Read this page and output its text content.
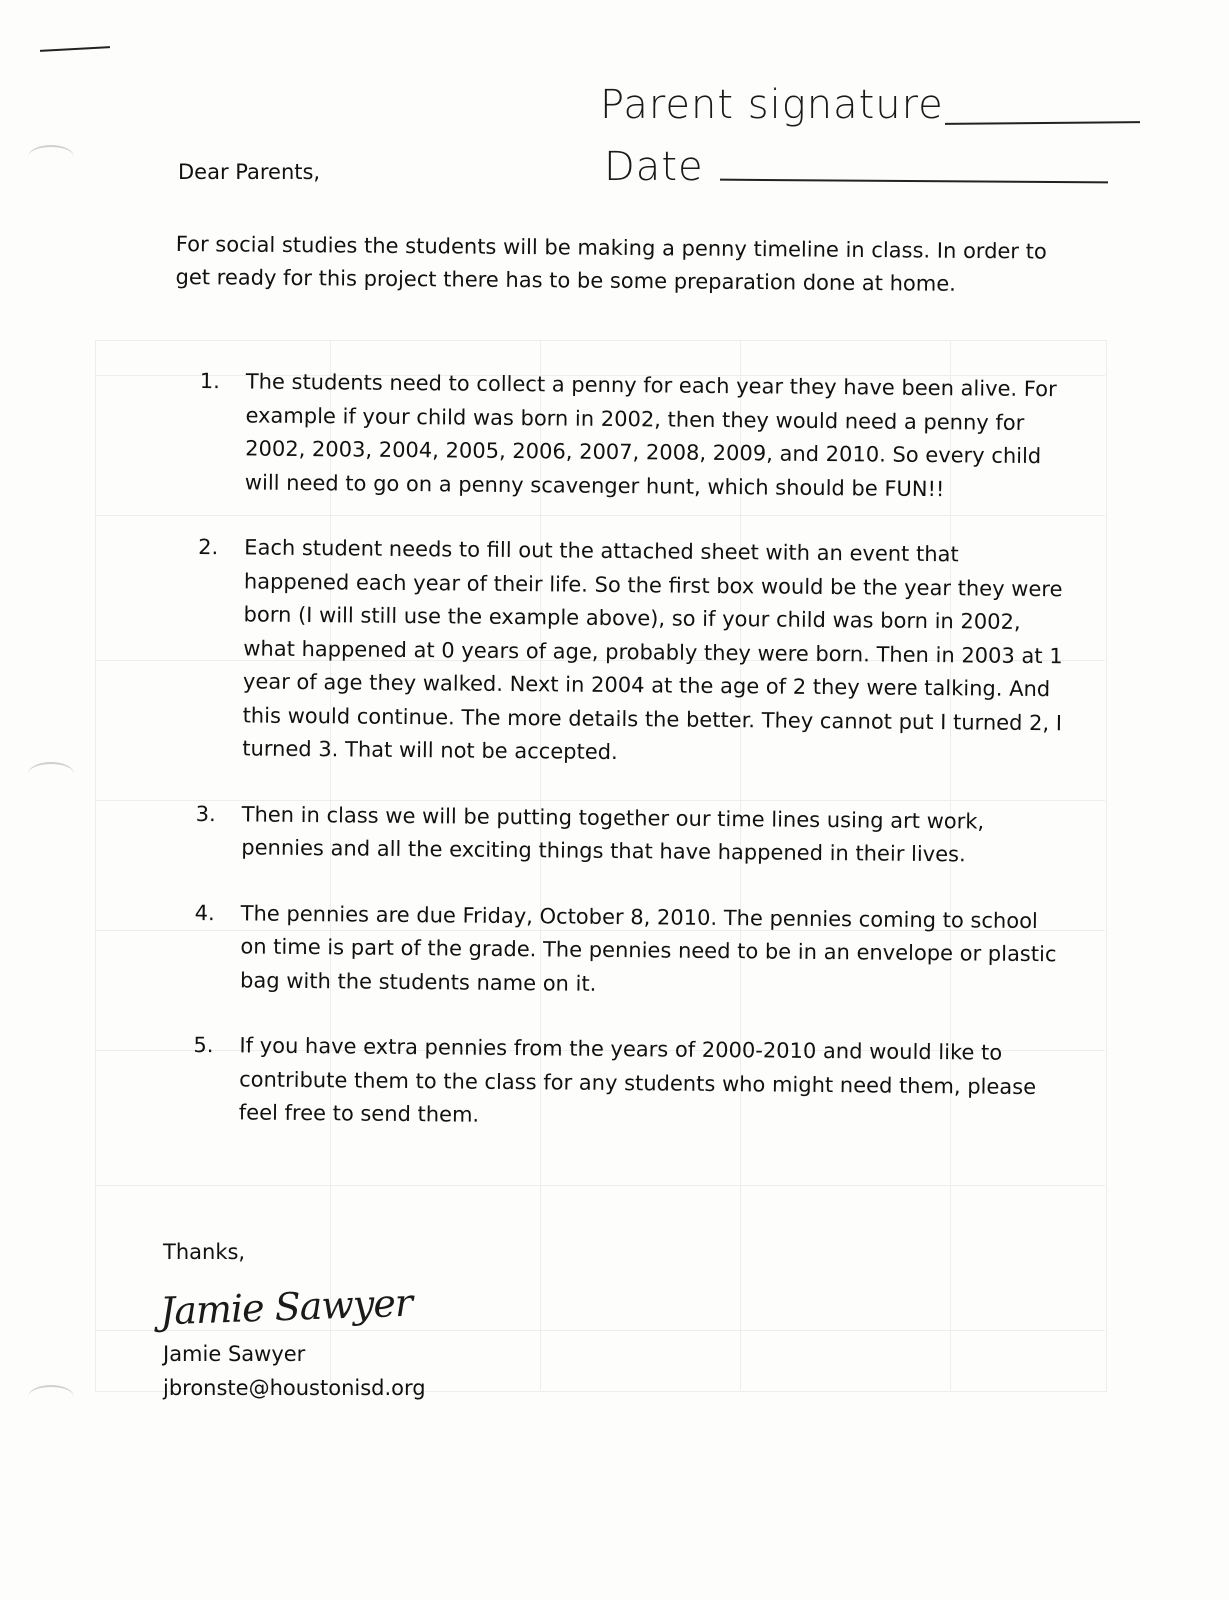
Parent signature
Date
Dear Parents,
For social studies the students will be making a penny timeline in class. In order to get ready for this project there has to be some preparation done at home.
1.	The students need to collect a penny for each year they have been alive. For example if your child was born in 2002, then they would need a penny for 2002, 2003, 2004, 2005, 2006, 2007, 2008, 2009, and 2010. So every child will need to go on a penny scavenger hunt, which should be FUN!!
2.	Each student needs to fill out the attached sheet with an event that happened each year of their life. So the first box would be the year they were born (I will still use the example above), so if your child was born in 2002, what happened at 0 years of age, probably they were born. Then in 2003 at 1 year of age they walked. Next in 2004 at the age of 2 they were talking. And this would continue. The more details the better. They cannot put I turned 2, I turned 3. That will not be accepted.
3.	Then in class we will be putting together our time lines using art work, pennies and all the exciting things that have happened in their lives.
4.	The pennies are due Friday, October 8, 2010. The pennies coming to school on time is part of the grade. The pennies need to be in an envelope or plastic bag with the students name on it.
5.	If you have extra pennies from the years of 2000-2010 and would like to contribute them to the class for any students who might need them, please feel free to send them.
Thanks,
Jamie Sawyer
Jamie Sawyer
jbronste@houstonisd.org
